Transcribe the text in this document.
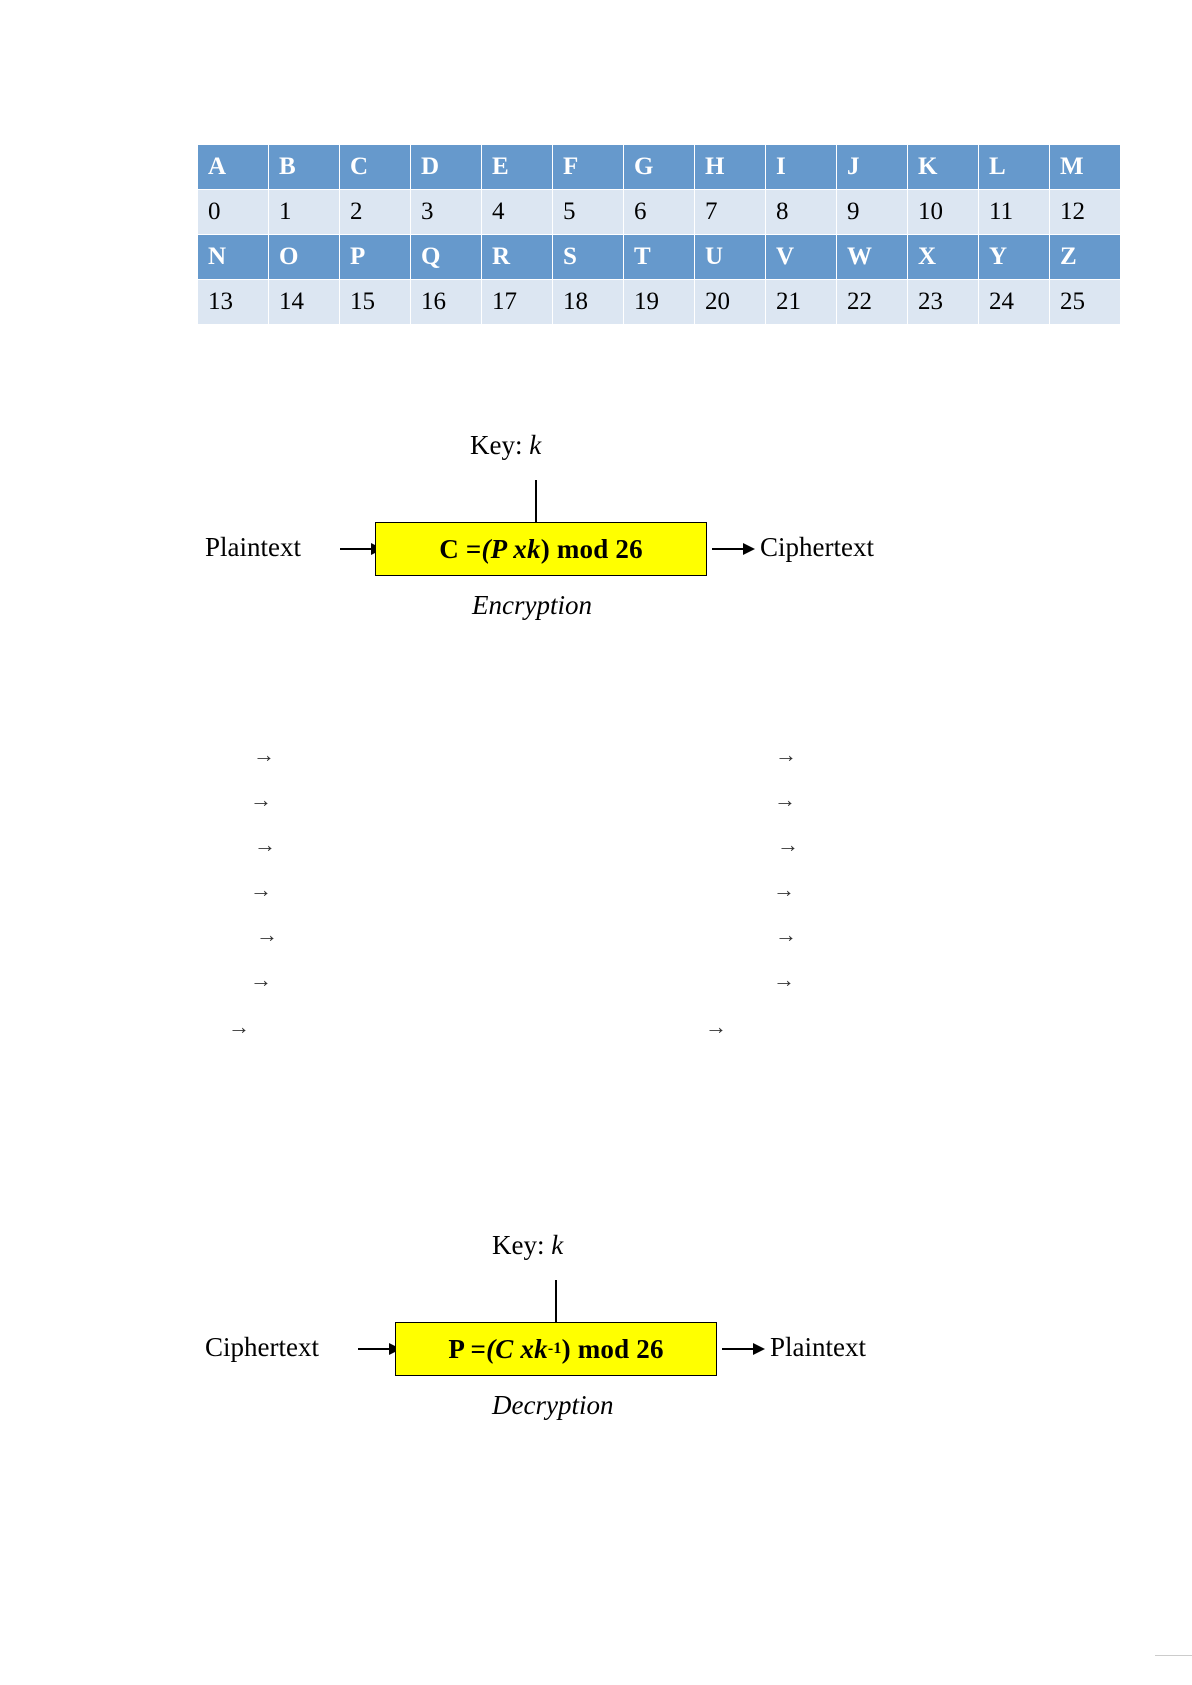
A	B	C	D	E	F	G	H	I	J	K	L	M
0	1	2	3	4	5	6	7	8	9	10	11	12
N	O	P	Q	R	S	T	U	V	W	X	Y	Z
13	14	15	16	17	18	19	20	21	22	23	24	25
Key: k
Plaintext	C = (P x k ) mod 26	Ciphertext
Encryption
→
→
→
→
→
→
→
→
→
→
→
→
→
→
Key: k
Ciphertext	P = (C x k -1 ) mod 26	Plaintext
Decryption
